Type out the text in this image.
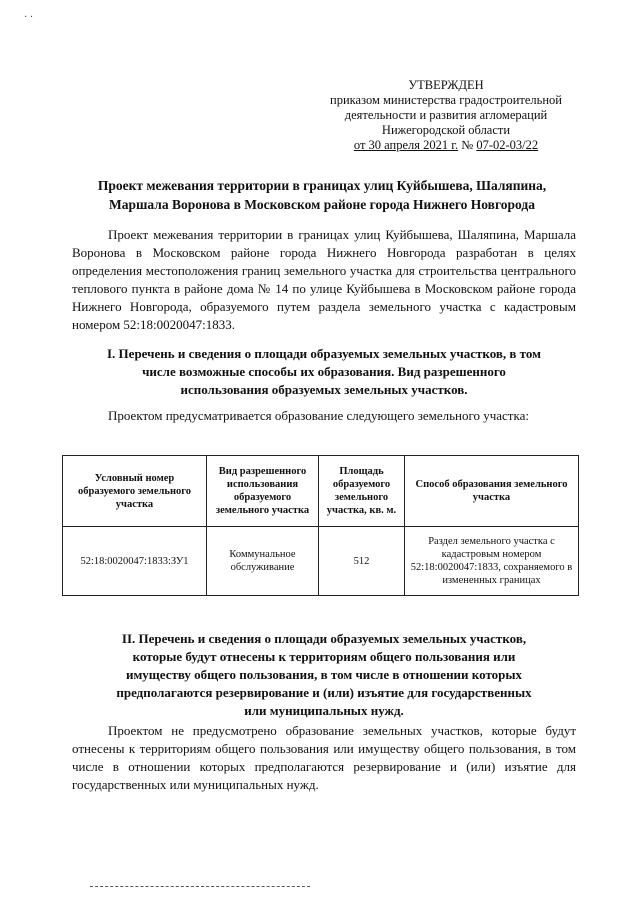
· ·
УТВЕРЖДЕН
приказом министерства градостроительной
деятельности и развития агломераций
Нижегородской области
от 30 апреля 2021 г. № 07-02-03/22
Проект межевания территории в границах улиц Куйбышева, Шаляпина,
Маршала Воронова в Московском районе города Нижнего Новгорода
Проект межевания территории в границах улиц Куйбышева, Шаляпина, Маршала Воронова в Московском районе города Нижнего Новгорода разработан в целях определения местоположения границ земельного участка для строительства центрального теплового пункта в районе дома № 14 по улице Куйбышева в Московском районе города Нижнего Новгорода, образуемого путем раздела земельного участка с кадастровым номером 52:18:0020047:1833.
I. Перечень и сведения о площади образуемых земельных участков, в том
числе возможные способы их образования. Вид разрешенного
использования образуемых земельных участков.
Проектом предусматривается образование следующего земельного участка:
Условный номер образуемого земельного участка	Вид разрешенного использования образуемого земельного участка	Площадь образуемого земельного участка, кв. м.	Способ образования земельного участка
52:18:0020047:1833:ЗУ1	Коммунальное обслуживание	512	Раздел земельного участка с кадастровым номером 52:18:0020047:1833, сохраняемого в измененных границах
II. Перечень и сведения о площади образуемых земельных участков,
которые будут отнесены к территориям общего пользования или
имуществу общего пользования, в том числе в отношении которых
предполагаются резервирование и (или) изъятие для государственных
или муниципальных нужд.
Проектом не предусмотрено образование земельных участков, которые будут отнесены к территориям общего пользования или имуществу общего пользования, в том числе в отношении которых предполагаются резервирование и (или) изъятие для государственных или муниципальных нужд.
